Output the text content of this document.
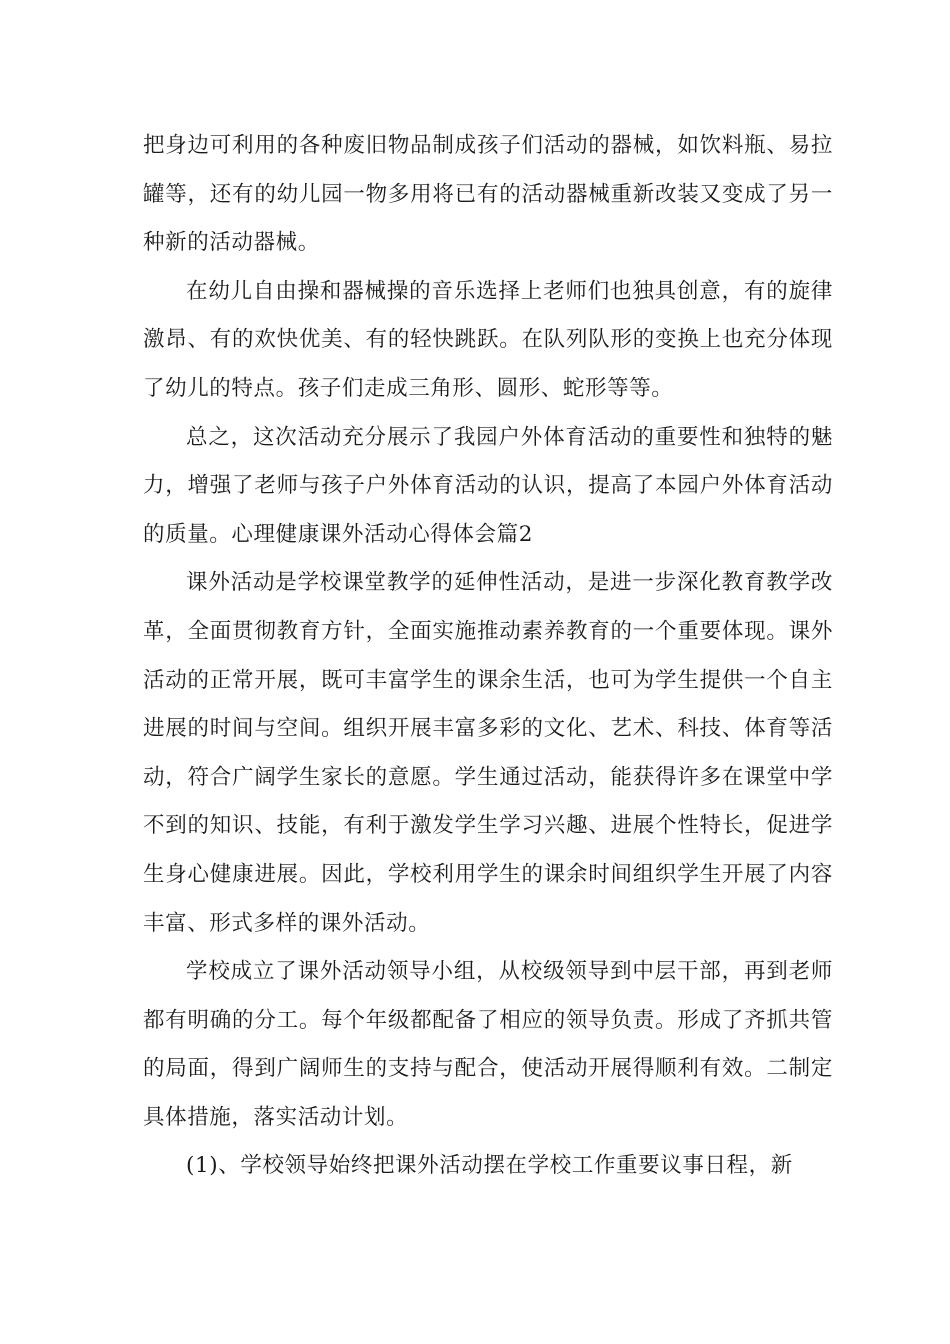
把身边可利用的各种废旧物品制成孩子们活动的器械，如饮料瓶、易拉罐等，还有的幼儿园一物多用将已有的活动器械重新改装又变成了另一种新的活动器械。

在幼儿自由操和器械操的音乐选择上老师们也独具创意，有的旋律激昂、有的欢快优美、有的轻快跳跃。在队列队形的变换上也充分体现了幼儿的特点。孩子们走成三角形、圆形、蛇形等等。

总之，这次活动充分展示了我园户外体育活动的重要性和独特的魅力，增强了老师与孩子户外体育活动的认识，提高了本园户外体育活动的质量。心理健康课外活动心得体会篇2

课外活动是学校课堂教学的延伸性活动，是进一步深化教育教学改革，全面贯彻教育方针，全面实施推动素养教育的一个重要体现。课外活动的正常开展，既可丰富学生的课余生活，也可为学生提供一个自主进展的时间与空间。组织开展丰富多彩的文化、艺术、科技、体育等活动，符合广阔学生家长的意愿。学生通过活动，能获得许多在课堂中学不到的知识、技能，有利于激发学生学习兴趣、进展个性特长，促进学生身心健康进展。因此，学校利用学生的课余时间组织学生开展了内容丰富、形式多样的课外活动。

学校成立了课外活动领导小组，从校级领导到中层干部，再到老师都有明确的分工。每个年级都配备了相应的领导负责。形成了齐抓共管的局面，得到广阔师生的支持与配合，使活动开展得顺利有效。二制定具体措施，落实活动计划。

(1)、学校领导始终把课外活动摆在学校工作重要议事日程，新
